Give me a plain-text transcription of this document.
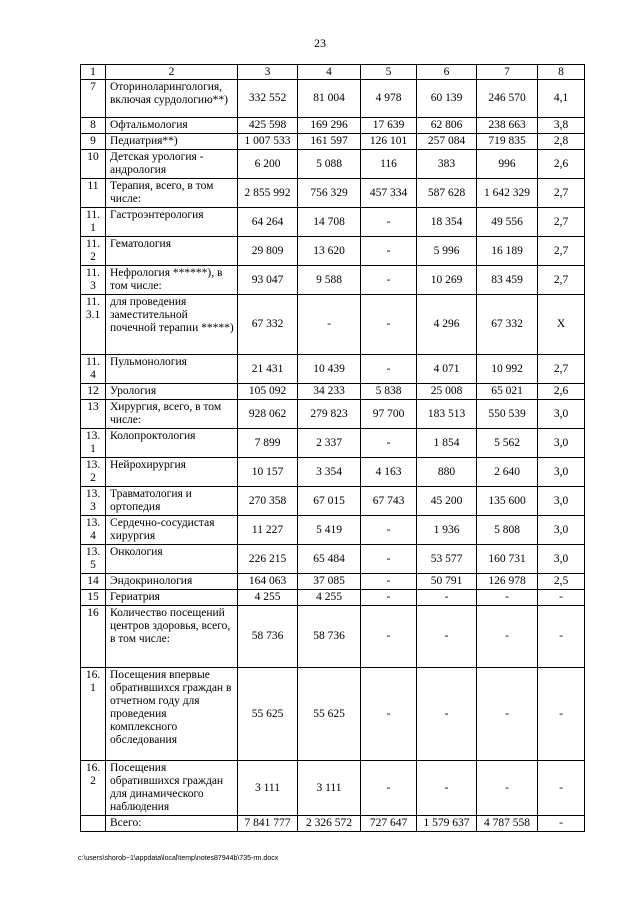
23
1	2	3	4	5	6	7	8
7	Оториноларингология, включая сурдологию**)	332 552	81 004	4 978	60 139	246 570	4,1
8	Офтальмология	425 598	169 296	17 639	62 806	238 663	3,8
9	Педиатрия**)	1 007 533	161 597	126 101	257 084	719 835	2,8
10	Детская урология - андрология	6 200	5 088	116	383	996	2,6
11	Терапия, всего, в том числе:	2 855 992	756 329	457 334	587 628	1 642 329	2,7
11.1	Гастроэнтерология	64 264	14 708	-	18 354	49 556	2,7
11.2	Гематология	29 809	13 620	-	5 996	16 189	2,7
11.3	Нефрология ******), в том числе:	93 047	9 588	-	10 269	83 459	2,7
11.3.1	для проведения заместительной почечной терапии *****)	67 332	-	-	4 296	67 332	Х
11.4	Пульмонология	21 431	10 439	-	4 071	10 992	2,7
12	Урология	105 092	34 233	5 838	25 008	65 021	2,6
13	Хирургия, всего, в том числе:	928 062	279 823	97 700	183 513	550 539	3,0
13.1	Колопроктология	7 899	2 337	-	1 854	5 562	3,0
13.2	Нейрохирургия	10 157	3 354	4 163	880	2 640	3,0
13.3	Травматология и ортопедия	270 358	67 015	67 743	45 200	135 600	3,0
13.4	Сердечно-сосудистая хирургия	11 227	5 419	-	1 936	5 808	3,0
13.5	Онкология	226 215	65 484	-	53 577	160 731	3,0
14	Эндокринология	164 063	37 085	-	50 791	126 978	2,5
15	Гериатрия	4 255	4 255	-	-	-	-
16	Количество посещений центров здоровья, всего, в том числе:	58 736	58 736	-	-	-	-
16.1	Посещения впервые обратившихся граждан в отчетном году для проведения комплексного обследования	55 625	55 625	-	-	-	-
16.2	Посещения обратившихся граждан для динамического наблюдения	3 111	3 111	-	-	-	-
	Всего:	7 841 777	2 326 572	727 647	1 579 637	4 787 558	-
c:\users\shorob~1\appdata\local\temp\notes87944b\735-rm.docx
